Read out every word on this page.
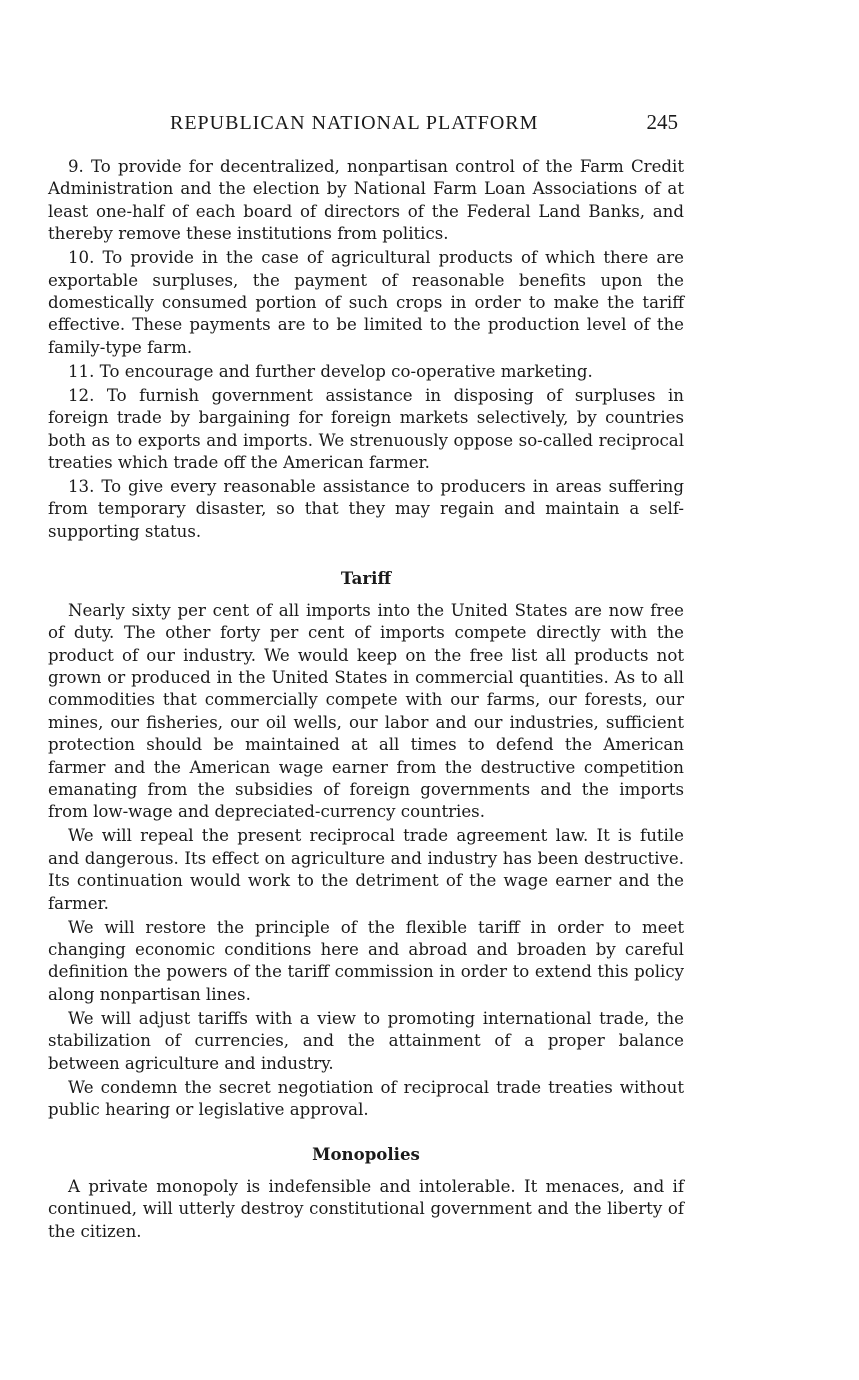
REPUBLICAN NATIONAL PLATFORM	245

9. To provide for decentralized, nonpartisan control of the Farm Credit Administration and the election by National Farm Loan Associations of at least one-half of each board of directors of the Federal Land Banks, and thereby remove these institutions from politics.

10. To provide in the case of agricultural products of which there are exportable surpluses, the payment of reasonable benefits upon the domestically consumed portion of such crops in order to make the tariff effective. These payments are to be limited to the production level of the family-type farm.

11. To encourage and further develop co-operative marketing.

12. To furnish government assistance in disposing of surpluses in foreign trade by bargaining for foreign markets selectively, by countries both as to exports and imports. We strenuously oppose so-called reciprocal treaties which trade off the American farmer.

13. To give every reasonable assistance to producers in areas suffering from temporary disaster, so that they may regain and maintain a self-supporting status.

Tariff

Nearly sixty per cent of all imports into the United States are now free of duty. The other forty per cent of imports compete directly with the product of our industry. We would keep on the free list all products not grown or produced in the United States in commercial quantities. As to all commodities that commercially compete with our farms, our forests, our mines, our fisheries, our oil wells, our labor and our industries, sufficient protection should be maintained at all times to defend the American farmer and the American wage earner from the destructive competition emanating from the subsidies of foreign governments and the imports from low-wage and depreciated-currency countries.

We will repeal the present reciprocal trade agreement law. It is futile and dangerous. Its effect on agriculture and industry has been destructive. Its continuation would work to the detriment of the wage earner and the farmer.

We will restore the principle of the flexible tariff in order to meet changing economic conditions here and abroad and broaden by careful definition the powers of the tariff commission in order to extend this policy along nonpartisan lines.

We will adjust tariffs with a view to promoting international trade, the stabilization of currencies, and the attainment of a proper balance between agriculture and industry.

We condemn the secret negotiation of reciprocal trade treaties without public hearing or legislative approval.

Monopolies

A private monopoly is indefensible and intolerable. It menaces, and if continued, will utterly destroy constitutional government and the liberty of the citizen.
